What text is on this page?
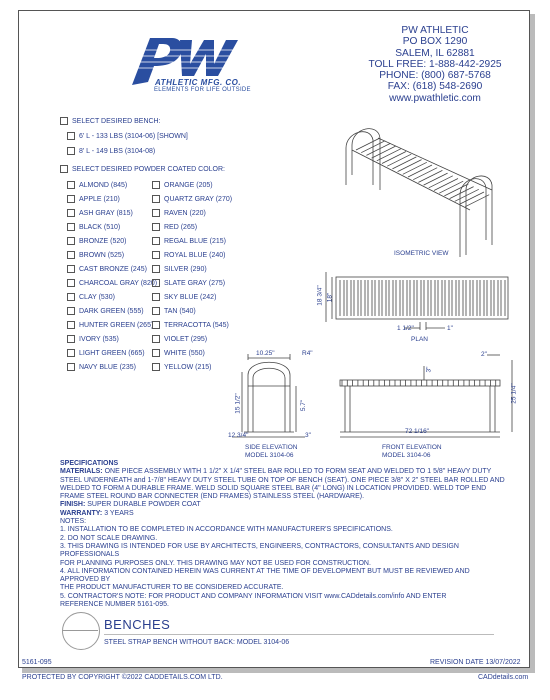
ATHLETIC MFG. CO.
ELEMENTS FOR LIFE OUTSIDE
PW ATHLETIC
PO BOX 1290
SALEM, IL 62881
TOLL FREE: 1-888-442-2925
PHONE: (800) 687-5768
FAX: (618) 548-2690
www.pwathletic.com
SELECT DESIRED BENCH:
6' L - 133 LBS (3104-06) [SHOWN]
8' L - 149 LBS (3104-08)
SELECT DESIRED POWDER COATED COLOR:
ALMOND (845)
APPLE (210)
ASH GRAY (815)
BLACK (510)
BRONZE (520)
BROWN (525)
CAST BRONZE (245)
CHARCOAL GRAY (820)
CLAY (530)
DARK GREEN (555)
HUNTER GREEN (265)
IVORY (535)
LIGHT GREEN (665)
NAVY BLUE (235)
ORANGE (205)
QUARTZ GRAY (270)
RAVEN (220)
RED (265)
REGAL BLUE (215)
ROYAL BLUE (240)
SILVER (290)
SLATE GRAY (275)
SKY BLUE (242)
TAN (540)
TERRACOTTA (545)
VIOLET (295)
WHITE (550)
YELLOW (215)
ISOMETRIC VIEW
PLAN
SIDE ELEVATION
MODEL 3104-06
FRONT ELEVATION
MODEL 3104-06
18 3/4" 18"
1 1/2"	1"
10.25"	R4"
15 1/2"	5.7"
12 3/4"	3"
2"
3"
25 1/4"
72 1/16"

SPECIFICATIONS

MATERIALS: ONE PIECE ASSEMBLY WITH 1 1/2" X 1/4" STEEL BAR ROLLED TO FORM SEAT AND WELDED TO 1 5/8" HEAVY DUTY STEEL UNDERNEATH and 1-7/8" HEAVY DUTY STEEL TUBE ON TOP OF BENCH (SEAT). ONE PIECE 3/8" X 2" STEEL BAR ROLLED AND WELDED TO FORM A DURABLE FRAME. WELD SOLID SQUARE STEEL BAR (4" LONG) IN LOCATION PROVIDED. WELD TOP END FRAME STEEL ROUND BAR CONNECTER (END FRAMES) STAINLESS STEEL (HARDWARE).

FINISH: SUPER DURABLE POWDER COAT

WARRANTY: 3 YEARS

NOTES:

1. INSTALLATION TO BE COMPLETED IN ACCORDANCE WITH MANUFACTURER'S SPECIFICATIONS.

2. DO NOT SCALE DRAWING.

3. THIS DRAWING IS INTENDED FOR USE BY ARCHITECTS, ENGINEERS, CONTRACTORS, CONSULTANTS AND DESIGN PROFESSIONALS

FOR PLANNING PURPOSES ONLY. THIS DRAWING MAY NOT BE USED FOR CONSTRUCTION.

4. ALL INFORMATION CONTAINED HEREIN WAS CURRENT AT THE TIME OF DEVELOPMENT BUT MUST BE REVIEWED AND APPROVED BY

THE PRODUCT MANUFACTURER TO BE CONSIDERED ACCURATE.

5. CONTRACTOR'S NOTE: FOR PRODUCT AND COMPANY INFORMATION VISIT www.CADdetails.com/info AND ENTER

REFERENCE NUMBER 5161-095.

BENCHES
STEEL STRAP BENCH WITHOUT BACK: MODEL 3104-06
5161-095	REVISION DATE 13/07/2022
PROTECTED BY COPYRIGHT ©2022 CADDETAILS.COM LTD.	CADdetails.com
